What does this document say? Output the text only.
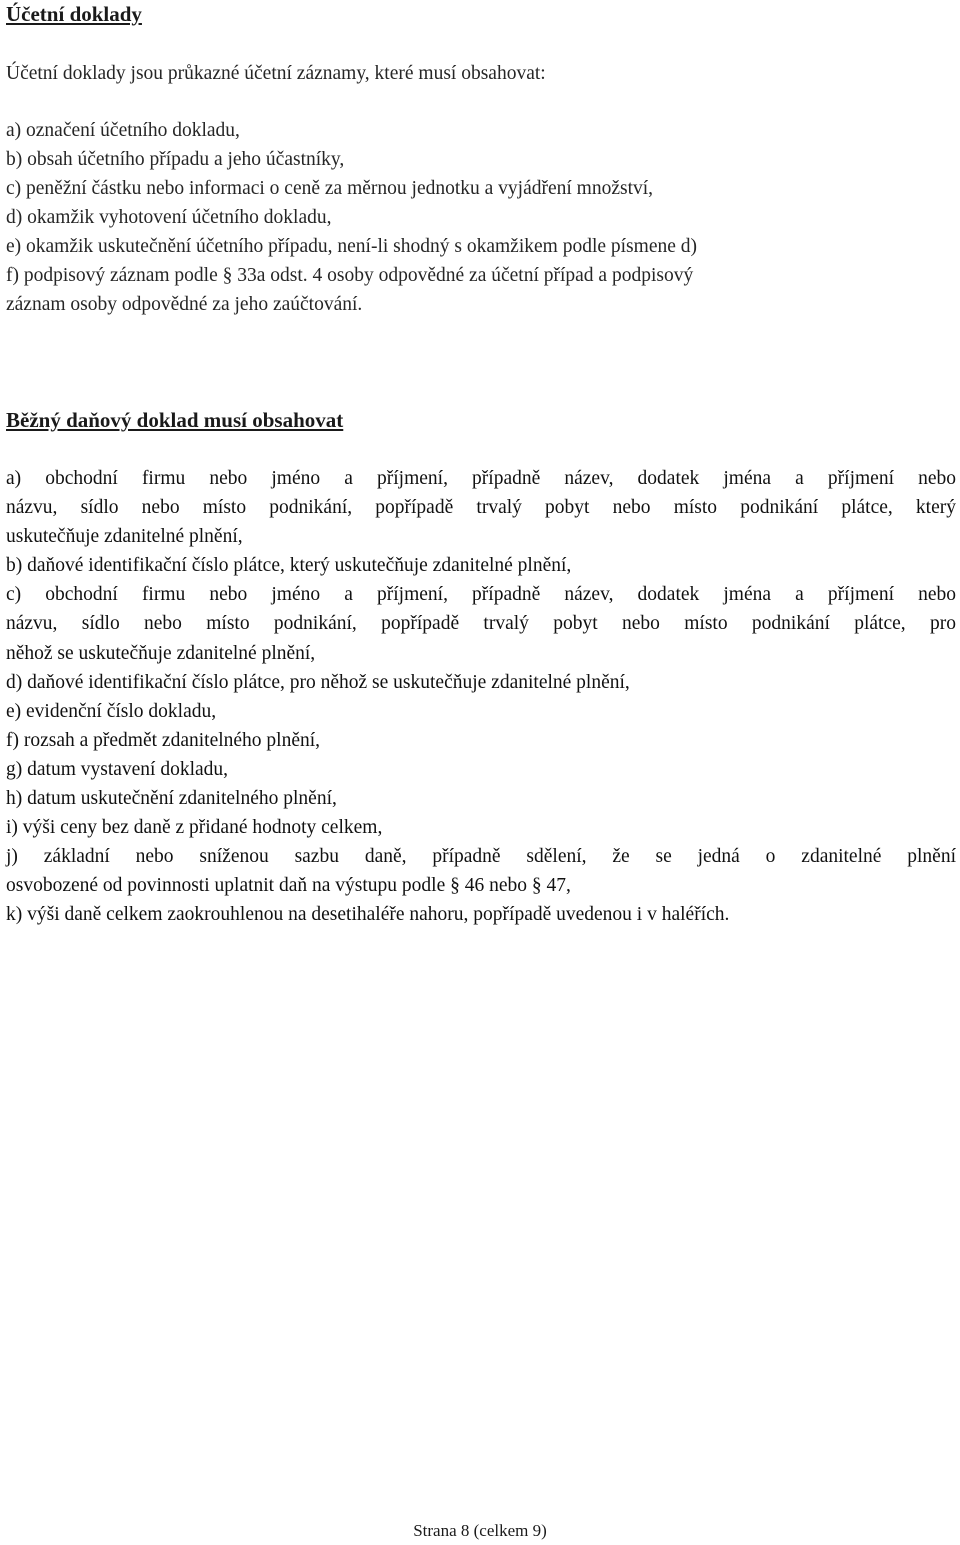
Účetní doklady
Účetní doklady jsou průkazné účetní záznamy, které musí obsahovat:
a) označení účetního dokladu,
b) obsah účetního případu a jeho účastníky,
c) peněžní částku nebo informaci o ceně za měrnou jednotku a vyjádření množství,
d) okamžik vyhotovení účetního dokladu,
e) okamžik uskutečnění účetního případu, není-li shodný s okamžikem podle písmene d)
f) podpisový záznam podle § 33a odst. 4 osoby odpovědné za účetní případ a podpisový
záznam osoby odpovědné za jeho zaúčtování.
Běžný daňový doklad musí obsahovat
a) obchodní firmu nebo jméno a příjmení, případně název, dodatek jména a příjmení nebo
názvu, sídlo nebo místo podnikání, popřípadě trvalý pobyt nebo místo podnikání plátce, který
uskutečňuje zdanitelné plnění,
b) daňové identifikační číslo plátce, který uskutečňuje zdanitelné plnění,
c) obchodní firmu nebo jméno a příjmení, případně název, dodatek jména a příjmení nebo
názvu, sídlo nebo místo podnikání, popřípadě trvalý pobyt nebo místo podnikání plátce, pro
něhož se uskutečňuje zdanitelné plnění,
d) daňové identifikační číslo plátce, pro něhož se uskutečňuje zdanitelné plnění,
e) evidenční číslo dokladu,
f) rozsah a předmět zdanitelného plnění,
g) datum vystavení dokladu,
h) datum uskutečnění zdanitelného plnění,
i) výši ceny bez daně z přidané hodnoty celkem,
j) základní nebo sníženou sazbu daně, případně sdělení, že se jedná o zdanitelné plnění
osvobozené od povinnosti uplatnit daň na výstupu podle § 46 nebo § 47,
k) výši daně celkem zaokrouhlenou na desetihaléře nahoru, popřípadě uvedenou i v haléřích.
Strana 8 (celkem 9)
